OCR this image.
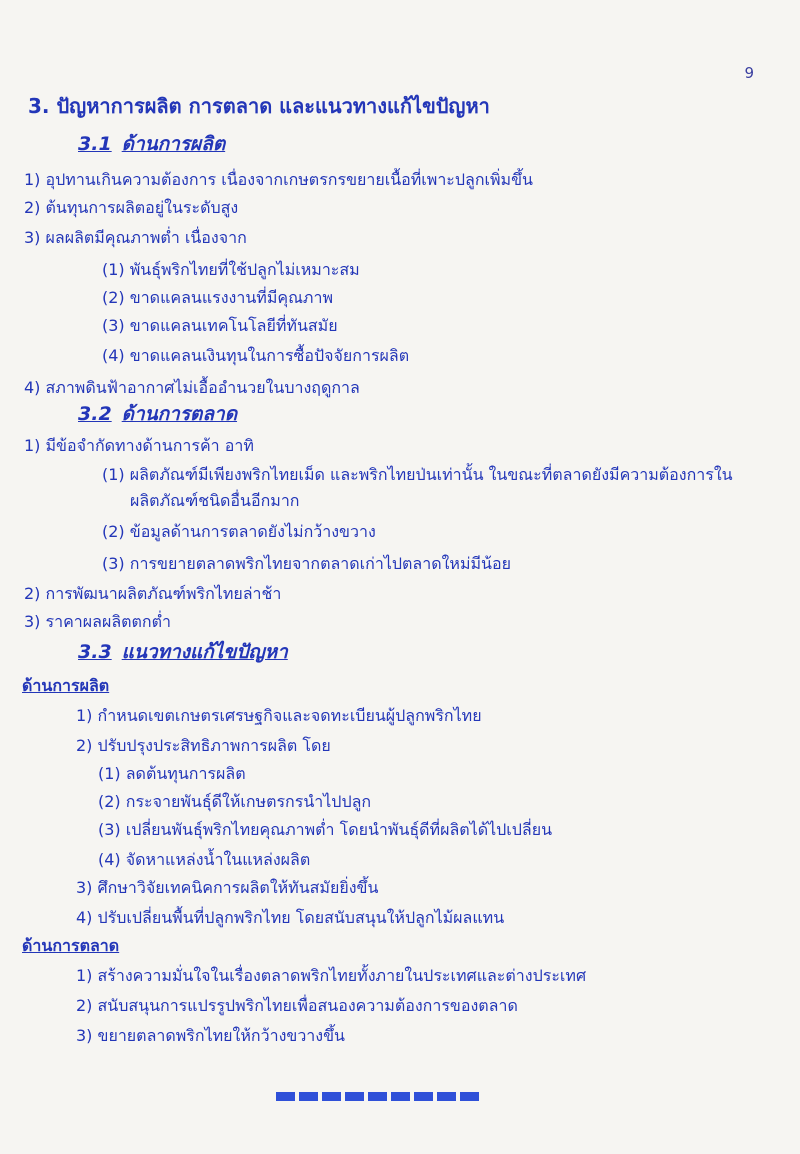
9
3. ปัญหาการผลิต การตลาด และแนวทางแก้ไขปัญหา
3.1 ด้านการผลิต
1) อุปทานเกินความต้องการ เนื่องจากเกษตรกรขยายเนื้อที่เพาะปลูกเพิ่มขึ้น
2) ต้นทุนการผลิตอยู่ในระดับสูง
3) ผลผลิตมีคุณภาพต่ำ เนื่องจาก
(1) พันธุ์พริกไทยที่ใช้ปลูกไม่เหมาะสม
(2) ขาดแคลนแรงงานที่มีคุณภาพ
(3) ขาดแคลนเทคโนโลยีที่ทันสมัย
(4) ขาดแคลนเงินทุนในการซื้อปัจจัยการผลิต
4) สภาพดินฟ้าอากาศไม่เอื้ออำนวยในบางฤดูกาล
3.2 ด้านการตลาด
1) มีข้อจำกัดทางด้านการค้า อาทิ
(1) ผลิตภัณฑ์มีเพียงพริกไทยเม็ด และพริกไทยป่นเท่านั้น ในขณะที่ตลาดยังมีความต้องการในผลิตภัณฑ์ชนิดอื่นอีกมาก
(2) ข้อมูลด้านการตลาดยังไม่กว้างขวาง
(3) การขยายตลาดพริกไทยจากตลาดเก่าไปตลาดใหม่มีน้อย
2) การพัฒนาผลิตภัณฑ์พริกไทยล่าช้า
3) ราคาผลผลิตตกต่ำ
3.3 แนวทางแก้ไขปัญหา
ด้านการผลิต
1) กำหนดเขตเกษตรเศรษฐกิจและจดทะเบียนผู้ปลูกพริกไทย
2) ปรับปรุงประสิทธิภาพการผลิต โดย
(1) ลดต้นทุนการผลิต
(2) กระจายพันธุ์ดีให้เกษตรกรนำไปปลูก
(3) เปลี่ยนพันธุ์พริกไทยคุณภาพต่ำ โดยนำพันธุ์ดีที่ผลิตได้ไปเปลี่ยน
(4) จัดหาแหล่งน้ำในแหล่งผลิต
3) ศึกษาวิจัยเทคนิคการผลิตให้ทันสมัยยิ่งขึ้น
4) ปรับเปลี่ยนพื้นที่ปลูกพริกไทย โดยสนับสนุนให้ปลูกไม้ผลแทน
ด้านการตลาด
1) สร้างความมั่นใจในเรื่องตลาดพริกไทยทั้งภายในประเทศและต่างประเทศ
2) สนับสนุนการแปรรูปพริกไทยเพื่อสนองความต้องการของตลาด
3) ขยายตลาดพริกไทยให้กว้างขวางขึ้น
